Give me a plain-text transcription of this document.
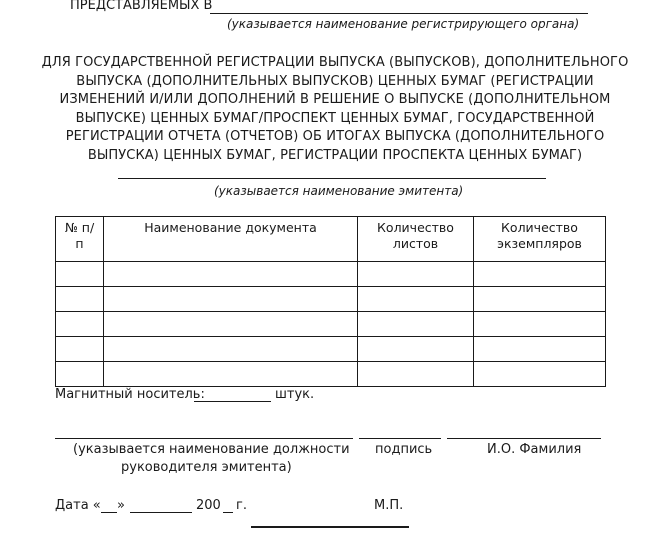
ПРЕДСТАВЛЯЕМЫХ В
(указывается наименование регистрирующего органа)
ДЛЯ ГОСУДАРСТВЕННОЙ РЕГИСТРАЦИИ ВЫПУСКА (ВЫПУСКОВ), ДОПОЛНИТЕЛЬНОГО
ВЫПУСКА (ДОПОЛНИТЕЛЬНЫХ ВЫПУСКОВ) ЦЕННЫХ БУМАГ (РЕГИСТРАЦИИ
ИЗМЕНЕНИЙ И/ИЛИ ДОПОЛНЕНИЙ В РЕШЕНИЕ О ВЫПУСКЕ (ДОПОЛНИТЕЛЬНОМ
ВЫПУСКЕ) ЦЕННЫХ БУМАГ/ПРОСПЕКТ ЦЕННЫХ БУМАГ, ГОСУДАРСТВЕННОЙ
РЕГИСТРАЦИИ ОТЧЕТА (ОТЧЕТОВ) ОБ ИТОГАХ ВЫПУСКА (ДОПОЛНИТЕЛЬНОГО
ВЫПУСКА) ЦЕННЫХ БУМАГ, РЕГИСТРАЦИИ ПРОСПЕКТА ЦЕННЫХ БУМАГ)
(указывается наименование эмитента)
№ п/п	Наименование документа	Количество листов	Количество экземпляров

Магнитный носитель:	штук.
(указывается наименование должности
руководителя эмитента)
подпись	И.О. Фамилия
Дата « »	200 г.	М.П.
